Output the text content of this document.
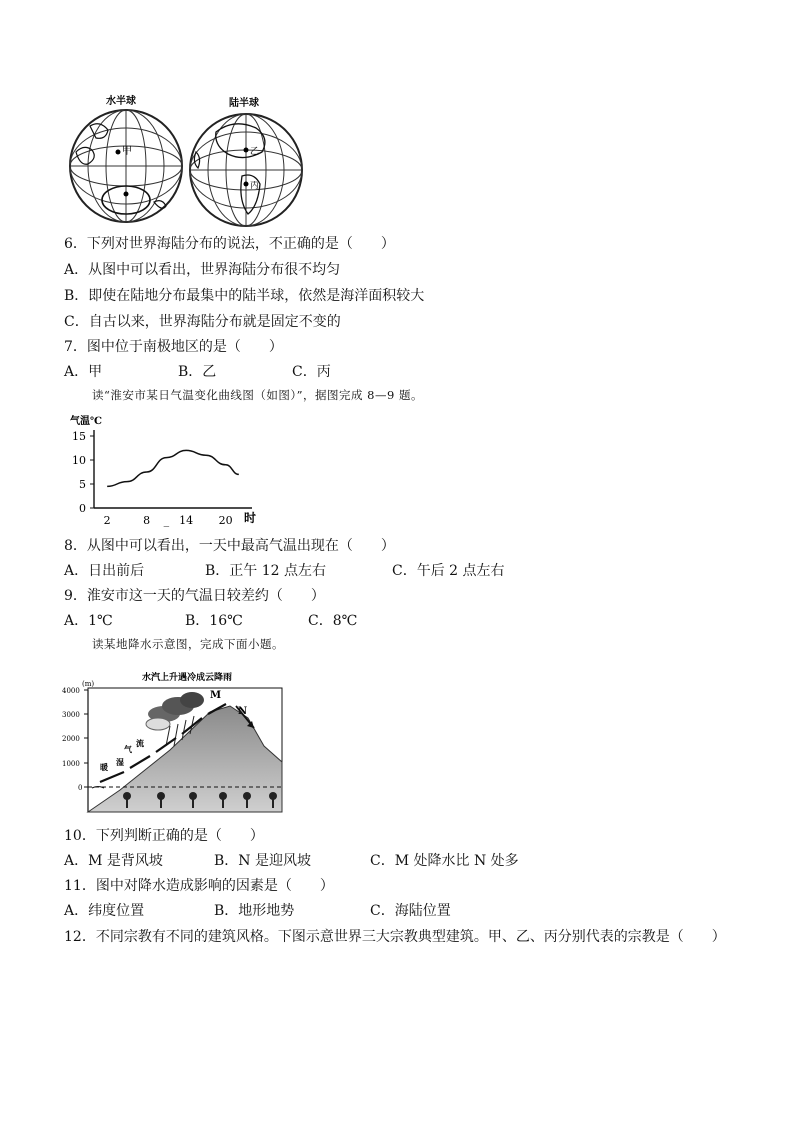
水半球
甲
陆半球
乙
丙
6．下列对世界海陆分布的说法，不正确的是（　　）
A．从图中可以看出，世界海陆分布很不均匀
B．即使在陆地分布最集中的陆半球，依然是海洋面积较大
C．自古以来，世界海陆分布就是固定不变的
7．图中位于南极地区的是（　　）
A．甲	B．乙	C．丙
读“淮安市某日气温变化曲线图（如图）”，据图完成 8—9 题。
气温℃
15
10
5
0
2	8 _ 14 20 时
8．从图中可以看出，一天中最高气温出现在（　　）
A．日出前后	B．正午 12 点左右	C．午后 2 点左右
9．淮安市这一天的气温日较差约（　　）
A．1℃	B．16℃	C．8℃
读某地降水示意图，完成下面小题。
水汽上升遇冷成云降雨
(m)
4000
3000
2000
1000
0
暖 湿
气
流
M
N
10．下列判断正确的是（　　）
A．M 是背风坡	B．N 是迎风坡	C．M 处降水比 N 处多
11．图中对降水造成影响的因素是（　　）
A．纬度位置	B．地形地势	C．海陆位置
12．不同宗教有不同的建筑风格。下图示意世界三大宗教典型建筑。甲、乙、丙分别代表的宗教是（　　）
